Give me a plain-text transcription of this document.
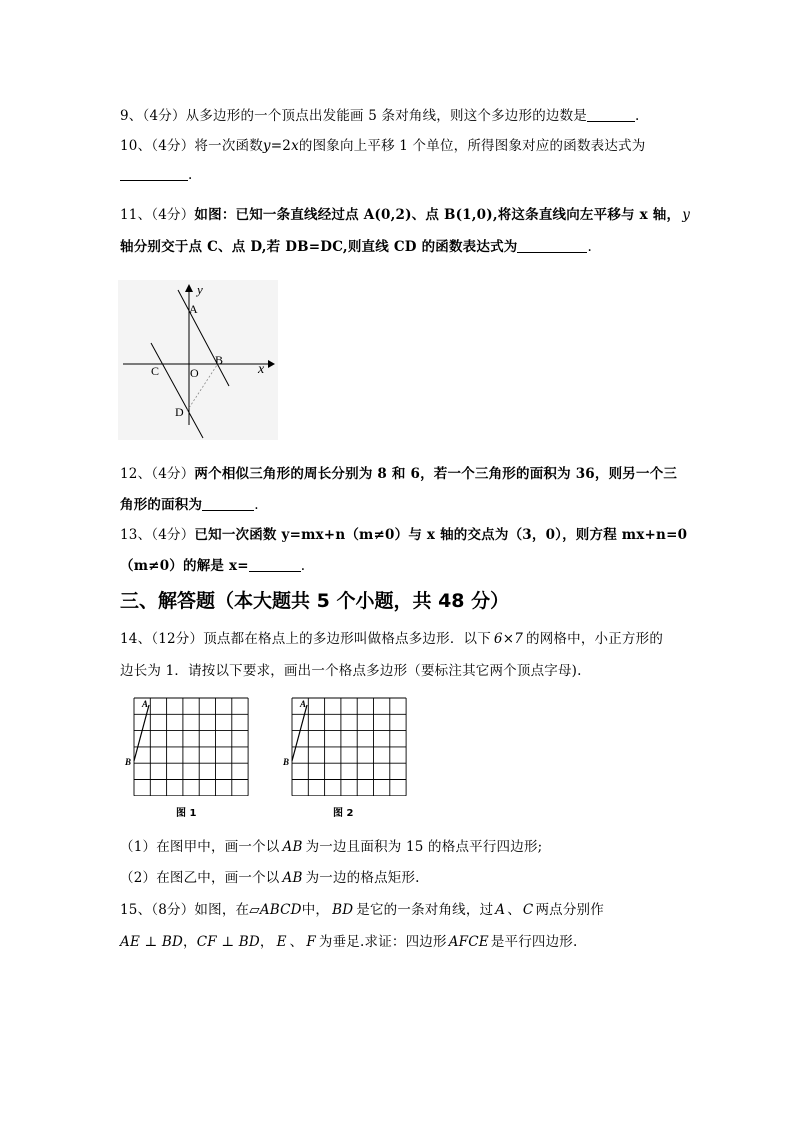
9、（4分）从多边形的一个顶点出发能画 5 条对角线，则这个多边形的边数是	.
10、（4分）将一次函数y=2x的图象向上平移 1 个单位，所得图象对应的函数表达式为
.
11、（4分）如图：已知一条直线经过点 A(0,2)、点 B(1,0),将这条直线向左平移与 x 轴， y
轴分别交于点 C、点 D,若 DB=DC,则直线 CD 的函数表达式为	.
y
x
A
B
C	O
D
12、（4分）两个相似三角形的周长分别为 8 和 6，若一个三角形的面积为 36，则另一个三
角形的面积为	.
13、（4分）已知一次函数 y=mx+n（m≠0）与 x 轴的交点为（3，0），则方程 mx+n=0
（m≠0）的解是 x=	.
三、解答题（本大题共 5 个小题，共 48 分）
14、（12分）顶点都在格点上的多边形叫做格点多边形．以下 6×7 的网格中，小正方形的
边长为 1．请按以下要求，画出一个格点多边形（要标注其它两个顶点字母).
A
B
图 1
A
B
图 2
（1）在图甲中，画一个以 AB 为一边且面积为 15 的格点平行四边形;
（2）在图乙中，画一个以 AB 为一边的格点矩形.
15、（8分）如图，在▱ABCD中， BD 是它的一条对角线，过 A 、 C 两点分别作
AE ⊥ BD，CF ⊥ BD， E 、 F 为垂足.求证：四边形 AFCE 是平行四边形.
